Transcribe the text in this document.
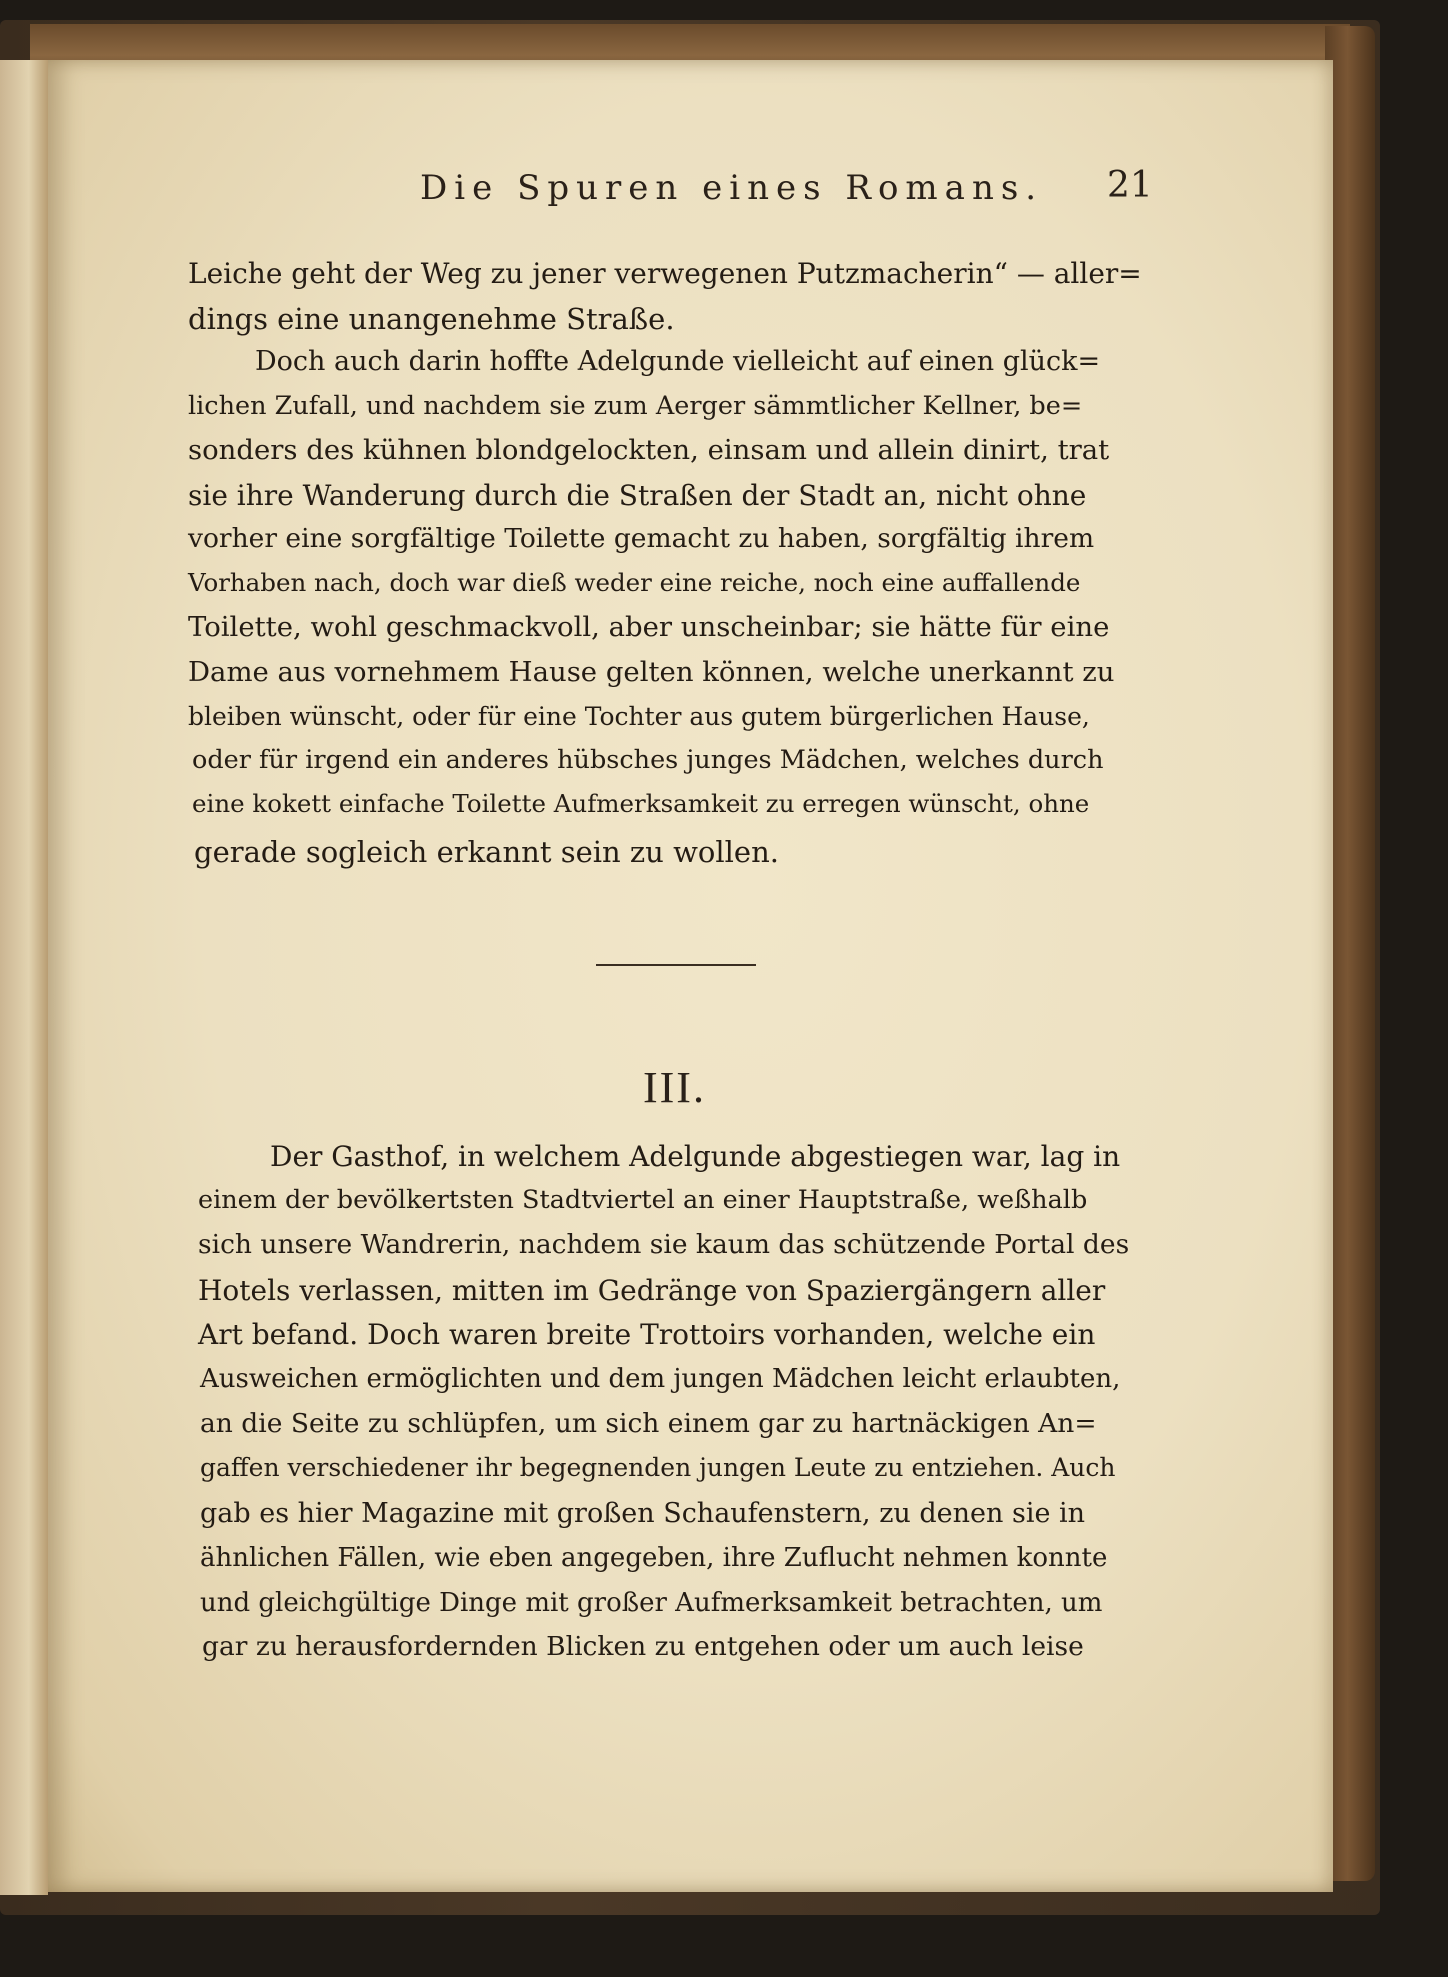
Die Spuren eines Romans. 21
Leiche geht der Weg zu jener verwegenen Putzmacherin“ — aller=
dings eine unangenehme Straße.
Doch auch darin hoffte Adelgunde vielleicht auf einen glück=
lichen Zufall, und nachdem sie zum Aerger sämmtlicher Kellner, be=
sonders des kühnen blondgelockten, einsam und allein dinirt, trat
sie ihre Wanderung durch die Straßen der Stadt an, nicht ohne
vorher eine sorgfältige Toilette gemacht zu haben, sorgfältig ihrem
Vorhaben nach, doch war dieß weder eine reiche, noch eine auffallende
Toilette, wohl geschmackvoll, aber unscheinbar; sie hätte für eine
Dame aus vornehmem Hause gelten können, welche unerkannt zu
bleiben wünscht, oder für eine Tochter aus gutem bürgerlichen Hause,
oder für irgend ein anderes hübsches junges Mädchen, welches durch
eine kokett einfache Toilette Aufmerksamkeit zu erregen wünscht, ohne
gerade sogleich erkannt sein zu wollen.
III.
Der Gasthof, in welchem Adelgunde abgestiegen war, lag in
einem der bevölkertsten Stadtviertel an einer Hauptstraße, weßhalb
sich unsere Wandrerin, nachdem sie kaum das schützende Portal des
Hotels verlassen, mitten im Gedränge von Spaziergängern aller
Art befand. Doch waren breite Trottoirs vorhanden, welche ein
Ausweichen ermöglichten und dem jungen Mädchen leicht erlaubten,
an die Seite zu schlüpfen, um sich einem gar zu hartnäckigen An=
gaffen verschiedener ihr begegnenden jungen Leute zu entziehen. Auch
gab es hier Magazine mit großen Schaufenstern, zu denen sie in
ähnlichen Fällen, wie eben angegeben, ihre Zuflucht nehmen konnte
und gleichgültige Dinge mit großer Aufmerksamkeit betrachten, um
gar zu herausfordernden Blicken zu entgehen oder um auch leise
